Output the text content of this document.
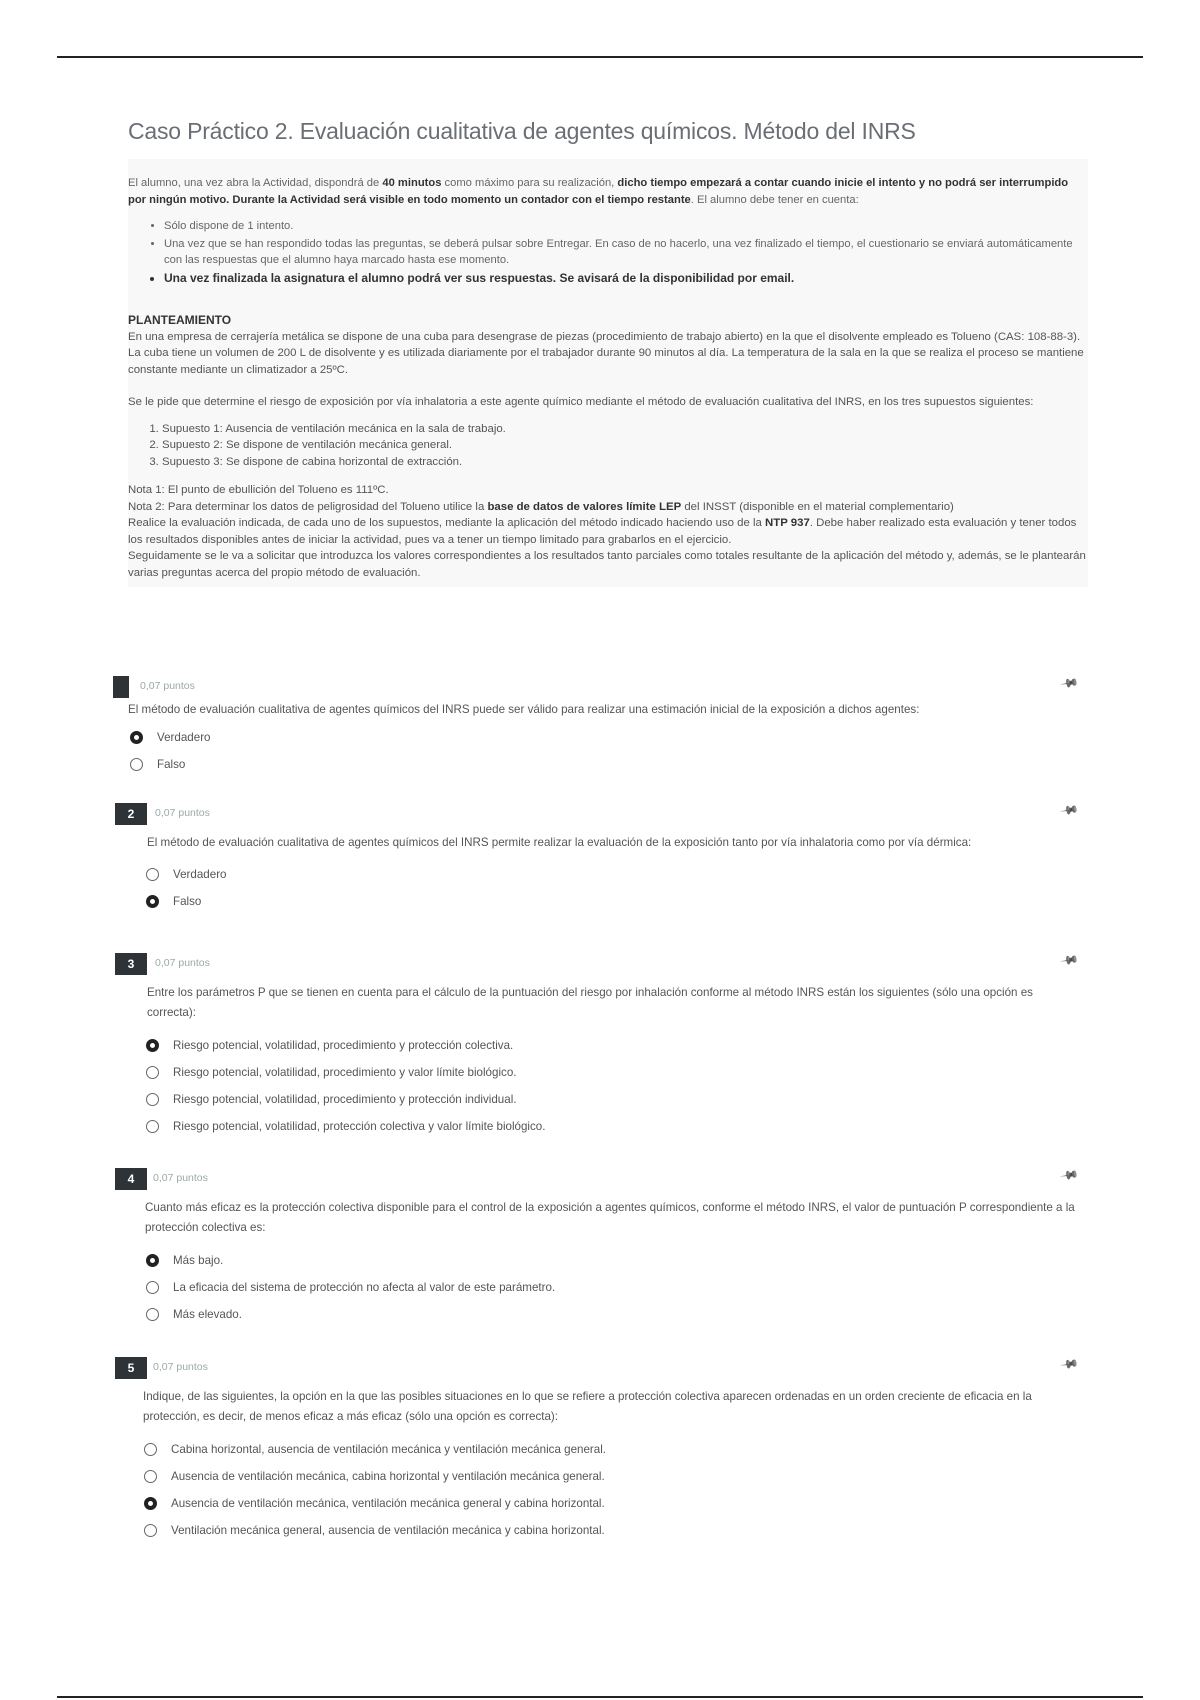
Caso Práctico 2. Evaluación cualitativa de agentes químicos. Método del INRS
El alumno, una vez abra la Actividad, dispondrá de 40 minutos como máximo para su realización, dicho tiempo empezará a contar cuando inicie el intento y no podrá ser interrumpido por ningún motivo. Durante la Actividad será visible en todo momento un contador con el tiempo restante. El alumno debe tener en cuenta:
• Sólo dispone de 1 intento.
• Una vez que se han respondido todas las preguntas, se deberá pulsar sobre Entregar. En caso de no hacerlo, una vez finalizado el tiempo, el cuestionario se enviará automáticamente con las respuestas que el alumno haya marcado hasta ese momento.
• Una vez finalizada la asignatura el alumno podrá ver sus respuestas. Se avisará de la disponibilidad por email.
PLANTEAMIENTO

En una empresa de cerrajería metálica se dispone de una cuba para desengrase de piezas (procedimiento de trabajo abierto) en la que el disolvente empleado es Tolueno (CAS: 108-88-3). La cuba tiene un volumen de 200 L de disolvente y es utilizada diariamente por el trabajador durante 90 minutos al día. La temperatura de la sala en la que se realiza el proceso se mantiene constante mediante un climatizador a 25ºC.

Se le pide que determine el riesgo de exposición por vía inhalatoria a este agente químico mediante el método de evaluación cualitativa del INRS, en los tres supuestos siguientes:

1. Supuesto 1: Ausencia de ventilación mecánica en la sala de trabajo.
2. Supuesto 2: Se dispone de ventilación mecánica general.
3. Supuesto 3: Se dispone de cabina horizontal de extracción.

Nota 1: El punto de ebullición del Tolueno es 111ºC.

Nota 2: Para determinar los datos de peligrosidad del Tolueno utilice la base de datos de valores límite LEP del INSST (disponible en el material complementario)

Realice la evaluación indicada, de cada uno de los supuestos, mediante la aplicación del método indicado haciendo uso de la NTP 937. Debe haber realizado esta evaluación y tener todos los resultados disponibles antes de iniciar la actividad, pues va a tener un tiempo limitado para grabarlos en el ejercicio.

Seguidamente se le va a solicitar que introduzca los valores correspondientes a los resultados tanto parciales como totales resultante de la aplicación del método y, además, se le plantearán varias preguntas acerca del propio método de evaluación.

0,07 puntos	📌
El método de evaluación cualitativa de agentes químicos del INRS puede ser válido para realizar una estimación inicial de la exposición a dichos agentes:
Verdadero
Falso
2	0,07 puntos	📌
El método de evaluación cualitativa de agentes químicos del INRS permite realizar la evaluación de la exposición tanto por vía inhalatoria como por vía dérmica:
Verdadero
Falso
3	0,07 puntos	📌
Entre los parámetros P que se tienen en cuenta para el cálculo de la puntuación del riesgo por inhalación conforme al método INRS están los siguientes (sólo una opción es correcta):
Riesgo potencial, volatilidad, procedimiento y protección colectiva.
Riesgo potencial, volatilidad, procedimiento y valor límite biológico.
Riesgo potencial, volatilidad, procedimiento y protección individual.
Riesgo potencial, volatilidad, protección colectiva y valor límite biológico.
4	0,07 puntos	📌
Cuanto más eficaz es la protección colectiva disponible para el control de la exposición a agentes químicos, conforme el método INRS, el valor de puntuación P correspondiente a la protección colectiva es:
Más bajo.
La eficacia del sistema de protección no afecta al valor de este parámetro.
Más elevado.
5	0,07 puntos	📌
Indique, de las siguientes, la opción en la que las posibles situaciones en lo que se refiere a protección colectiva aparecen ordenadas en un orden creciente de eficacia en la protección, es decir, de menos eficaz a más eficaz (sólo una opción es correcta):
Cabina horizontal, ausencia de ventilación mecánica y ventilación mecánica general.
Ausencia de ventilación mecánica, cabina horizontal y ventilación mecánica general.
Ausencia de ventilación mecánica, ventilación mecánica general y cabina horizontal.
Ventilación mecánica general, ausencia de ventilación mecánica y cabina horizontal.
